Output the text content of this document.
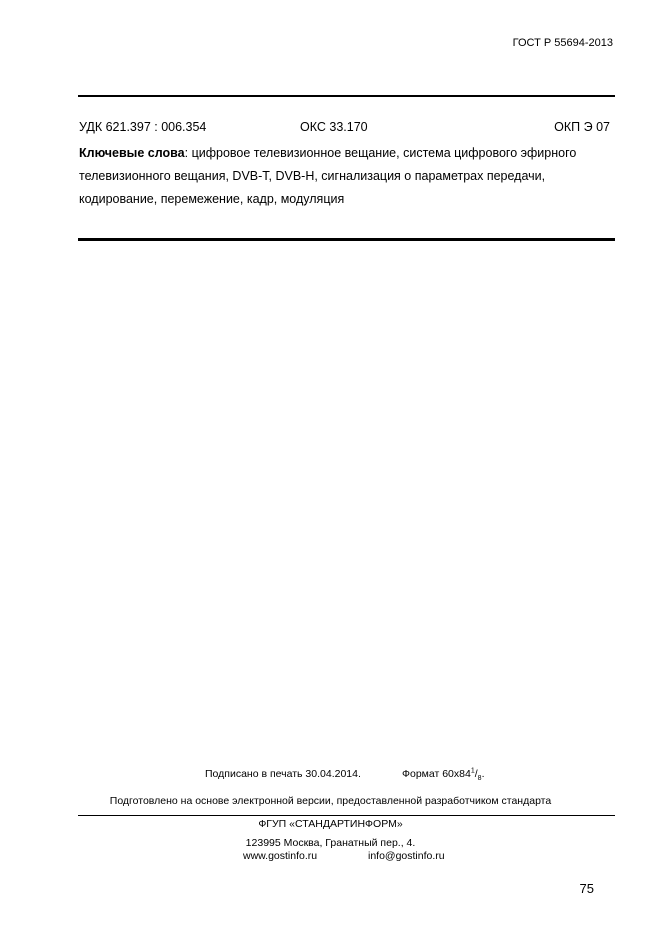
ГОСТ Р 55694-2013
УДК 621.397 : 006.354	ОКС 33.170	ОКП Э 07
Ключевые слова: цифровое телевизионное вещание, система цифрового эфирного телевизионного вещания, DVB-T, DVB-H, сигнализация о параметрах передачи, кодирование, перемежение, кадр, модуляция
Подписано в печать 30.04.2014.	Формат $60x84^1/_8$.
Подготовлено на основе электронной версии, предоставленной разработчиком стандарта
ФГУП «СТАНДАРТИНФОРМ»
123995 Москва, Гранатный пер., 4.
www.gostinfo.ru	info@gostinfo.ru
75
